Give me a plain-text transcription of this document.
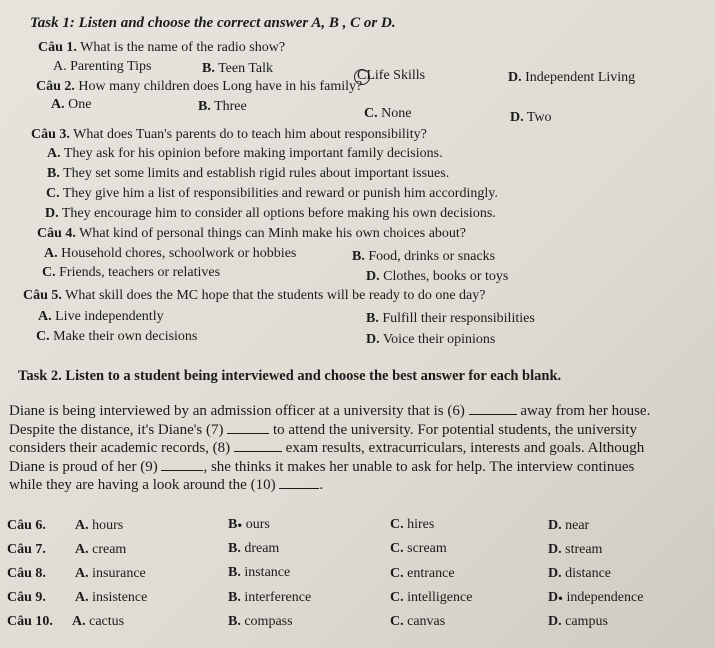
Task 1: Listen and choose the correct answer A, B , C or D.
Câu 1. What is the name of the radio show?
A. Parenting Tips	B. Teen Talk	CLife Skills	D. Independent Living
Câu 2. How many children does Long have in his family?
A. One	B. Three	C. None	D. Two
Câu 3. What does Tuan's parents do to teach him about responsibility?
A. They ask for his opinion before making important family decisions.
B. They set some limits and establish rigid rules about important issues.
C. They give him a list of responsibilities and reward or punish him accordingly.
D. They encourage him to consider all options before making his own decisions.
Câu 4. What kind of personal things can Minh make his own choices about?
A. Household chores, schoolwork or hobbies	B. Food, drinks or snacks
C. Friends, teachers or relatives	D. Clothes, books or toys
Câu 5. What skill does the MC hope that the students will be ready to do one day?
A. Live independently	B. Fulfill their responsibilities
C. Make their own decisions	D. Voice their opinions
Task 2. Listen to a student being interviewed and choose the best answer for each blank.
Diane is being interviewed by an admission officer at a university that is (6)	away from her house.
Despite the distance, it's Diane's (7)	to attend the university. For potential students, the university
considers their academic records, (8)	exam results, extracurriculars, interests and goals. Although
Diane is proud of her (9)	, she thinks it makes her unable to ask for help. The interview continues
while they are having a look around the (10)	.
Câu 6. A. hours	B● ours	C. hires	D. near
Câu 7. A. cream	B. dream	C. scream	D. stream
Câu 8. A. insurance	B. instance	C. entrance	D. distance
Câu 9. A. insistence	B. interference	C. intelligence	D● independence
Câu 10. A. cactus	B. compass	C. canvas	D. campus
